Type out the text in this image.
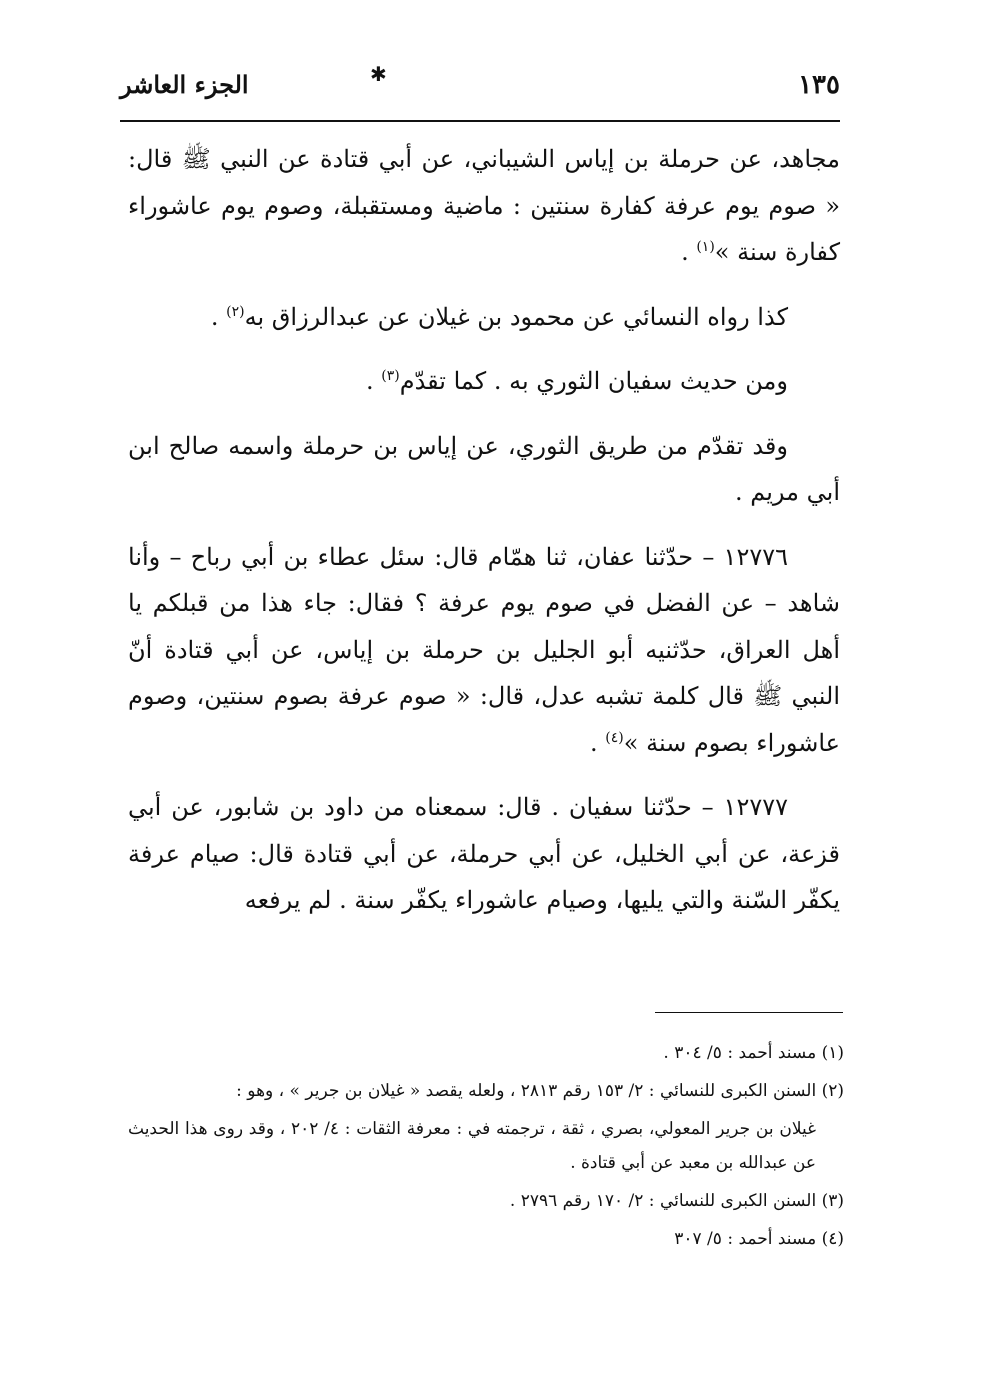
الجزء العاشر	✱	١٣٥

مجاهد، عن حرملة بن إياس الشيباني، عن أبي قتادة عن النبي ﷺ قال: « صوم يوم عرفة كفارة سنتين : ماضية ومستقبلة، وصوم يوم عاشوراء كفارة سنة »$^{(١)}$ .

كذا رواه النسائي عن محمود بن غيلان عن عبدالرزاق به$^{(٢)}$ .

ومن حديث سفيان الثوري به . كما تقدّم$^{(٣)}$ .

وقد تقدّم من طريق الثوري، عن إياس بن حرملة واسمه صالح ابن أبي مريم .

١٢٧٧٦ – حدّثنا عفان، ثنا همّام قال: سئل عطاء بن أبي رباح – وأنا شاهد – عن الفضل في صوم يوم عرفة ؟ فقال: جاء هذا من قبلكم يا أهل العراق، حدّثنيه أبو الجليل بن حرملة بن إياس، عن أبي قتادة أنّ النبي ﷺ قال كلمة تشبه عدل، قال: « صوم عرفة بصوم سنتين، وصوم عاشوراء بصوم سنة »$^{(٤)}$ .

١٢٧٧٧ – حدّثنا سفيان . قال: سمعناه من داود بن شابور، عن أبي قزعة، عن أبي الخليل، عن أبي حرملة، عن أبي قتادة قال: صيام عرفة يكفّر السّنة والتي يليها، وصيام عاشوراء يكفّر سنة . لم يرفعه

(١) مسند أحمد : ٥/ ٣٠٤ .
(٢) السنن الكبرى للنسائي : ٢/ ١٥٣ رقم ٢٨١٣ ، ولعله يقصد « غيلان بن جرير » ، وهو :
غيلان بن جرير المعولي، بصري ، ثقة ، ترجمته في : معرفة الثقات : ٤/ ٢٠٢ ، وقد روى هذا الحديث عن عبدالله بن معبد عن أبي قتادة .
(٣) السنن الكبرى للنسائي : ٢/ ١٧٠ رقم ٢٧٩٦ .
(٤) مسند أحمد : ٥/ ٣٠٧
